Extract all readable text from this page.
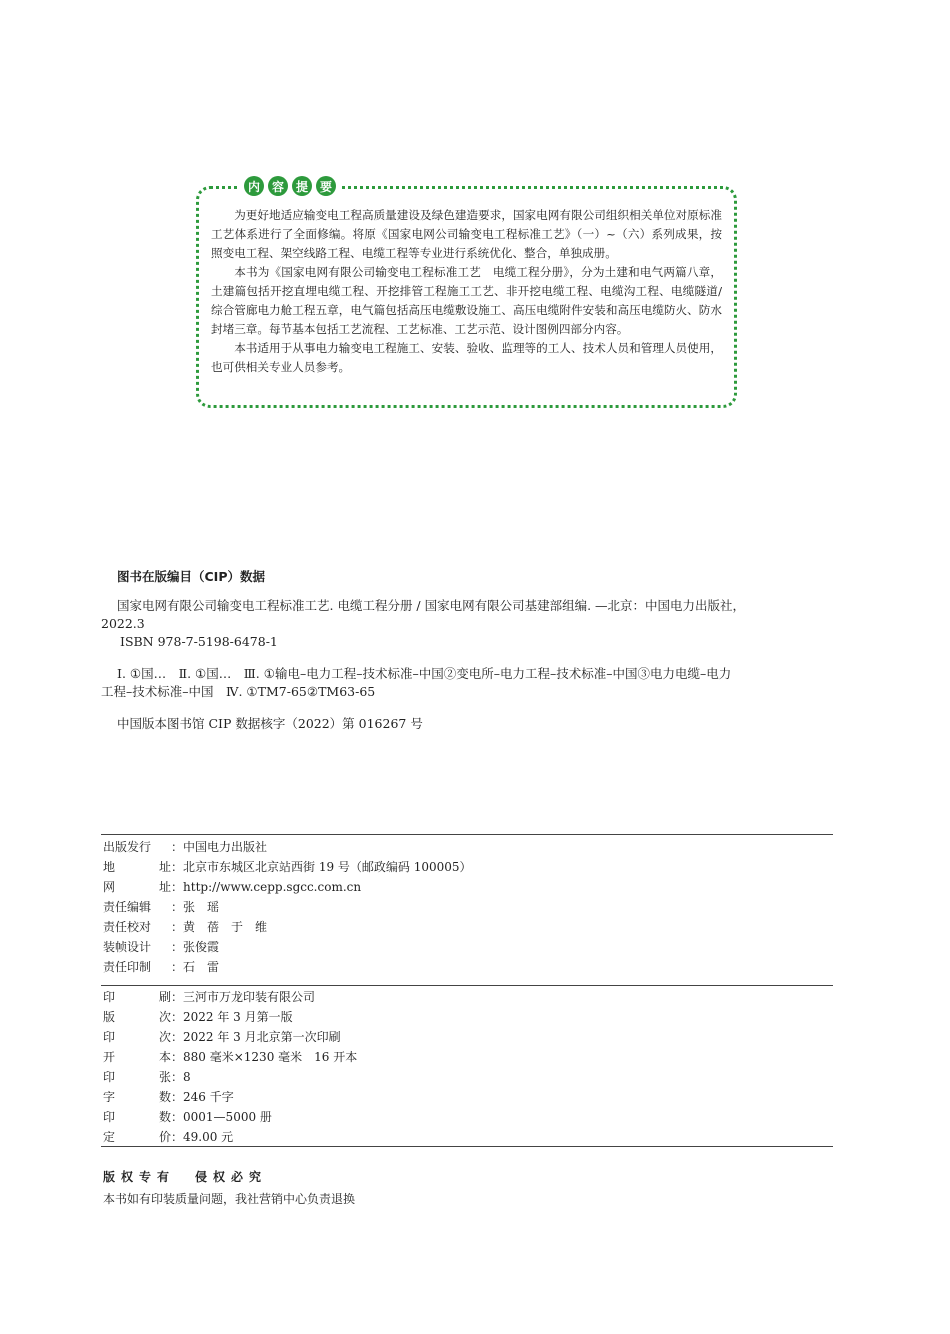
内 容 提 要

为更好地适应输变电工程高质量建设及绿色建造要求，国家电网有限公司组织相关单位对原标准工艺体系进行了全面修编。将原《国家电网公司输变电工程标准工艺》（一）~（六）系列成果，按照变电工程、架空线路工程、电缆工程等专业进行系统优化、整合，单独成册。

本书为《国家电网有限公司输变电工程标准工艺　电缆工程分册》，分为土建和电气两篇八章，土建篇包括开挖直埋电缆工程、开挖排管工程施工工艺、非开挖电缆工程、电缆沟工程、电缆隧道/综合管廊电力舱工程五章，电气篇包括高压电缆敷设施工、高压电缆附件安装和高压电缆防火、防水封堵三章。每节基本包括工艺流程、工艺标准、工艺示范、设计图例四部分内容。

本书适用于从事电力输变电工程施工、安装、验收、监理等的工人、技术人员和管理人员使用，也可供相关专业人员参考。

图书在版编目（CIP）数据
国家电网有限公司输变电工程标准工艺. 电缆工程分册 / 国家电网有限公司基建部组编. —北京：中国电力出版社，
2022.3
ISBN 978-7-5198-6478-1
Ⅰ. ①国…　Ⅱ. ①国…　Ⅲ. ①输电–电力工程–技术标准–中国②变电所–电力工程–技术标准–中国③电力电缆–电力
工程–技术标准–中国　Ⅳ. ①TM7-65②TM63-65
中国版本图书馆 CIP 数据核字（2022）第 016267 号
出版发行	： 中国电力出版社
地	址 ： 北京市东城区北京站西街 19 号（邮政编码 100005）
网	址 ： http://www.cepp.sgcc.com.cn
责任编辑	： 张　瑶
责任校对	： 黄　蓓　于　维
装帧设计	： 张俊霞
责任印制	： 石　雷
印	刷 ： 三河市万龙印装有限公司
版	次 ： 2022 年 3 月第一版
印	次 ： 2022 年 3 月北京第一次印刷
开	本 ： 880 毫米×1230 毫米　16 开本
印	张 ： 8
字	数 ： 246 千字
印	数 ： 0001—5000 册
定	价 ： 49.00 元
版权专有 侵权必究
本书如有印装质量问题，我社营销中心负责退换
